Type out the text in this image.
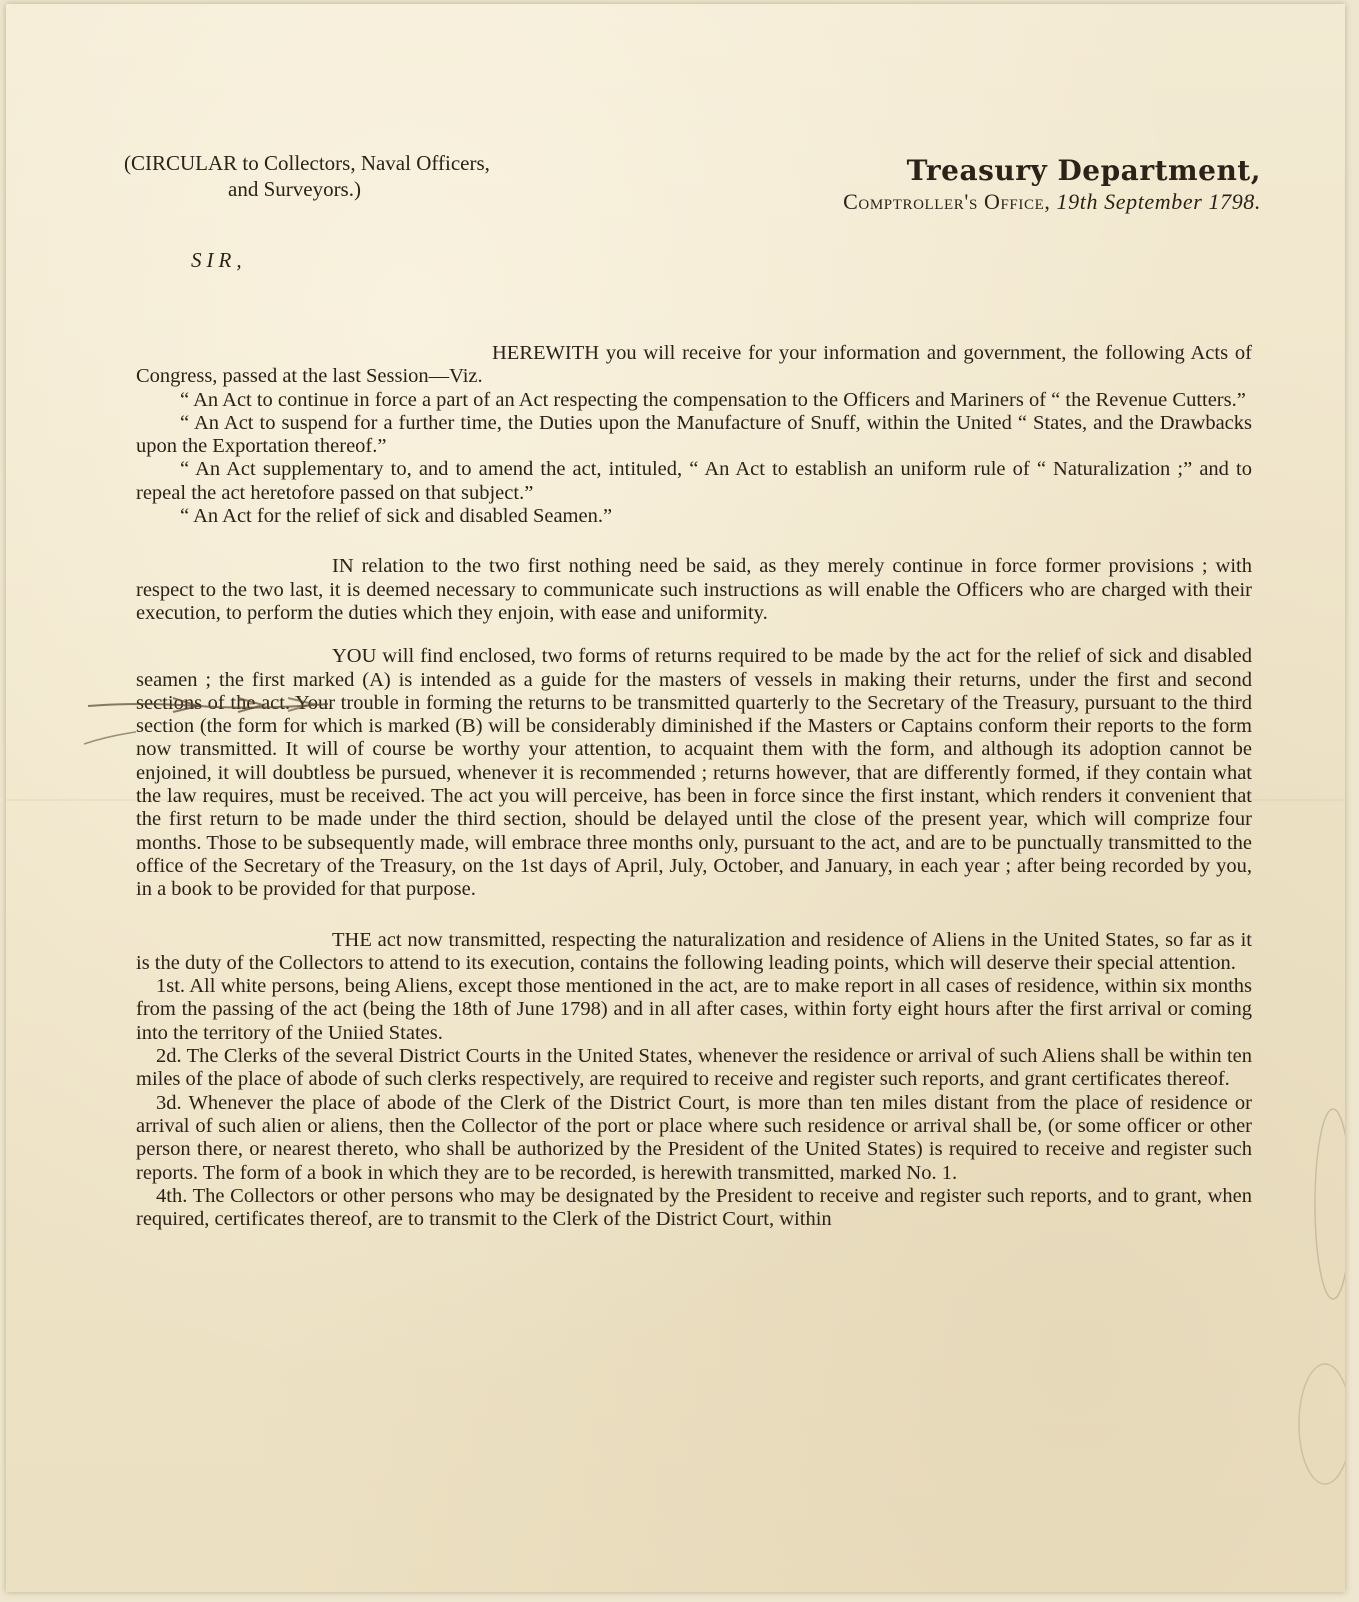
(CIRCULAR to Collectors, Naval Officers,
and Surveyors.)
Treasury Department,
Comptroller's Office, 19th September 1798.
SIR,

HEREWITH you will receive for your information and government, the following Acts of Congress, passed at the last Session—Viz.

“ An Act to continue in force a part of an Act respecting the compensation to the Officers and Mariners of “ the Revenue Cutters.”

“ An Act to suspend for a further time, the Duties upon the Manufacture of Snuff, within the United “ States, and the Drawbacks upon the Exportation thereof.”

“ An Act supplementary to, and to amend the act, intituled, “ An Act to establish an uniform rule of “ Naturalization ;” and to repeal the act heretofore passed on that subject.”

“ An Act for the relief of sick and disabled Seamen.”

IN relation to the two first nothing need be said, as they merely continue in force former provisions ; with respect to the two last, it is deemed necessary to communicate such instructions as will enable the Officers who are charged with their execution, to perform the duties which they enjoin, with ease and uniformity.

YOU will find enclosed, two forms of returns required to be made by the act for the relief of sick and disabled seamen ; the first marked (A) is intended as a guide for the masters of vessels in making their returns, under the first and second sections of the act. Your trouble in forming the returns to be transmitted quarterly to the Secretary of the Treasury, pursuant to the third section (the form for which is marked (B) will be considerably diminished if the Masters or Captains conform their reports to the form now transmitted. It will of course be worthy your attention, to acquaint them with the form, and although its adoption cannot be enjoined, it will doubtless be pursued, whenever it is recommended ; returns however, that are differently formed, if they contain what the law requires, must be received. The act you will perceive, has been in force since the first instant, which renders it convenient that the first return to be made under the third section, should be delayed until the close of the present year, which will comprize four months. Those to be subsequently made, will embrace three months only, pursuant to the act, and are to be punctually transmitted to the office of the Secretary of the Treasury, on the 1st days of April, July, October, and January, in each year ; after being recorded by you, in a book to be provided for that purpose.

THE act now transmitted, respecting the naturalization and residence of Aliens in the United States, so far as it is the duty of the Collectors to attend to its execution, contains the following leading points, which will deserve their special attention.

1st. All white persons, being Aliens, except those mentioned in the act, are to make report in all cases of residence, within six months from the passing of the act (being the 18th of June 1798) and in all after cases, within forty eight hours after the first arrival or coming into the territory of the Uniied States.

2d. The Clerks of the several District Courts in the United States, whenever the residence or arrival of such Aliens shall be within ten miles of the place of abode of such clerks respectively, are required to receive and register such reports, and grant certificates thereof.

3d. Whenever the place of abode of the Clerk of the District Court, is more than ten miles distant from the place of residence or arrival of such alien or aliens, then the Collector of the port or place where such residence or arrival shall be, (or some officer or other person there, or nearest thereto, who shall be authorized by the President of the United States) is required to receive and register such reports. The form of a book in which they are to be recorded, is herewith transmitted, marked No. 1.

4th. The Collectors or other persons who may be designated by the President to receive and register such reports, and to grant, when required, certificates thereof, are to transmit to the Clerk of the District Court, within
